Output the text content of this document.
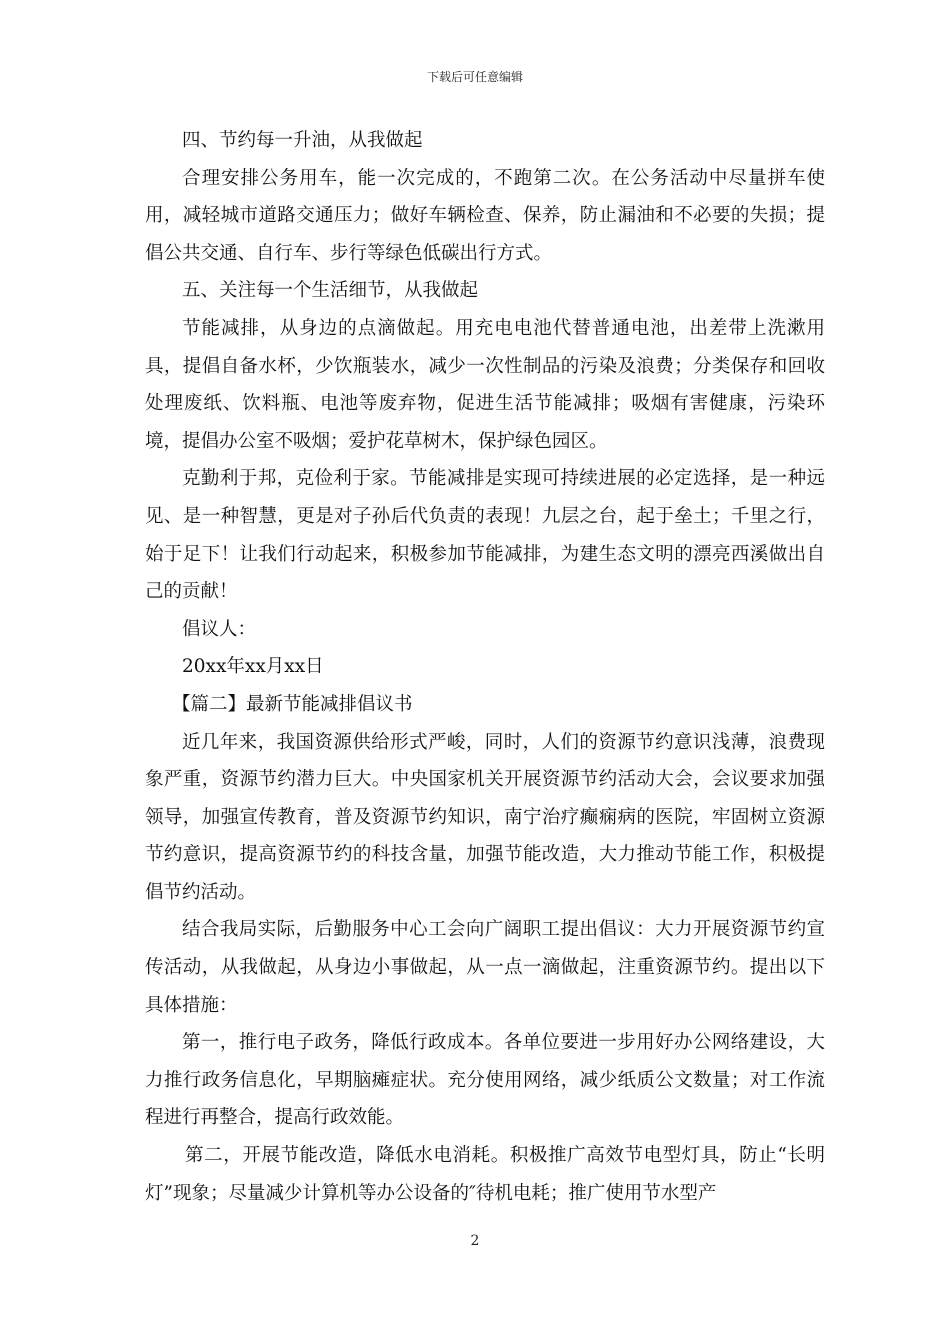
下载后可任意编辑

四、节约每一升油，从我做起

合理安排公务用车，能一次完成的，不跑第二次。在公务活动中尽量拼车使用，减轻城市道路交通压力；做好车辆检查、保养，防止漏油和不必要的失损；提倡公共交通、自行车、步行等绿色低碳出行方式。

五、关注每一个生活细节，从我做起

节能减排，从身边的点滴做起。用充电电池代替普通电池，出差带上洗漱用具，提倡自备水杯，少饮瓶装水，减少一次性制品的污染及浪费；分类保存和回收处理废纸、饮料瓶、电池等废弃物，促进生活节能减排；吸烟有害健康，污染环境，提倡办公室不吸烟；爱护花草树木，保护绿色园区。

克勤利于邦，克俭利于家。节能减排是实现可持续进展的必定选择，是一种远见、是一种智慧，更是对子孙后代负责的表现！九层之台，起于垒土；千里之行，始于足下！让我们行动起来，积极参加节能减排，为建生态文明的漂亮西溪做出自己的贡献！

倡议人：

20xx年xx月xx日

【篇二】最新节能减排倡议书

近几年来，我国资源供给形式严峻，同时，人们的资源节约意识浅薄，浪费现象严重，资源节约潜力巨大。中央国家机关开展资源节约活动大会，会议要求加强领导，加强宣传教育，普及资源节约知识，南宁治疗癫痫病的医院，牢固树立资源节约意识，提高资源节约的科技含量，加强节能改造，大力推动节能工作，积极提倡节约活动。

结合我局实际，后勤服务中心工会向广阔职工提出倡议：大力开展资源节约宣传活动，从我做起，从身边小事做起，从一点一滴做起，注重资源节约。提出以下具体措施：

第一，推行电子政务，降低行政成本。各单位要进一步用好办公网络建设，大力推行政务信息化，早期脑瘫症状。充分使用网络，减少纸质公文数量；对工作流程进行再整合，提高行政效能。

第二，开展节能改造，降低水电消耗。积极推广高效节电型灯具，防止“长明灯”现象；尽量减少计算机等办公设备的″待机电耗；推广使用节水型产

2
